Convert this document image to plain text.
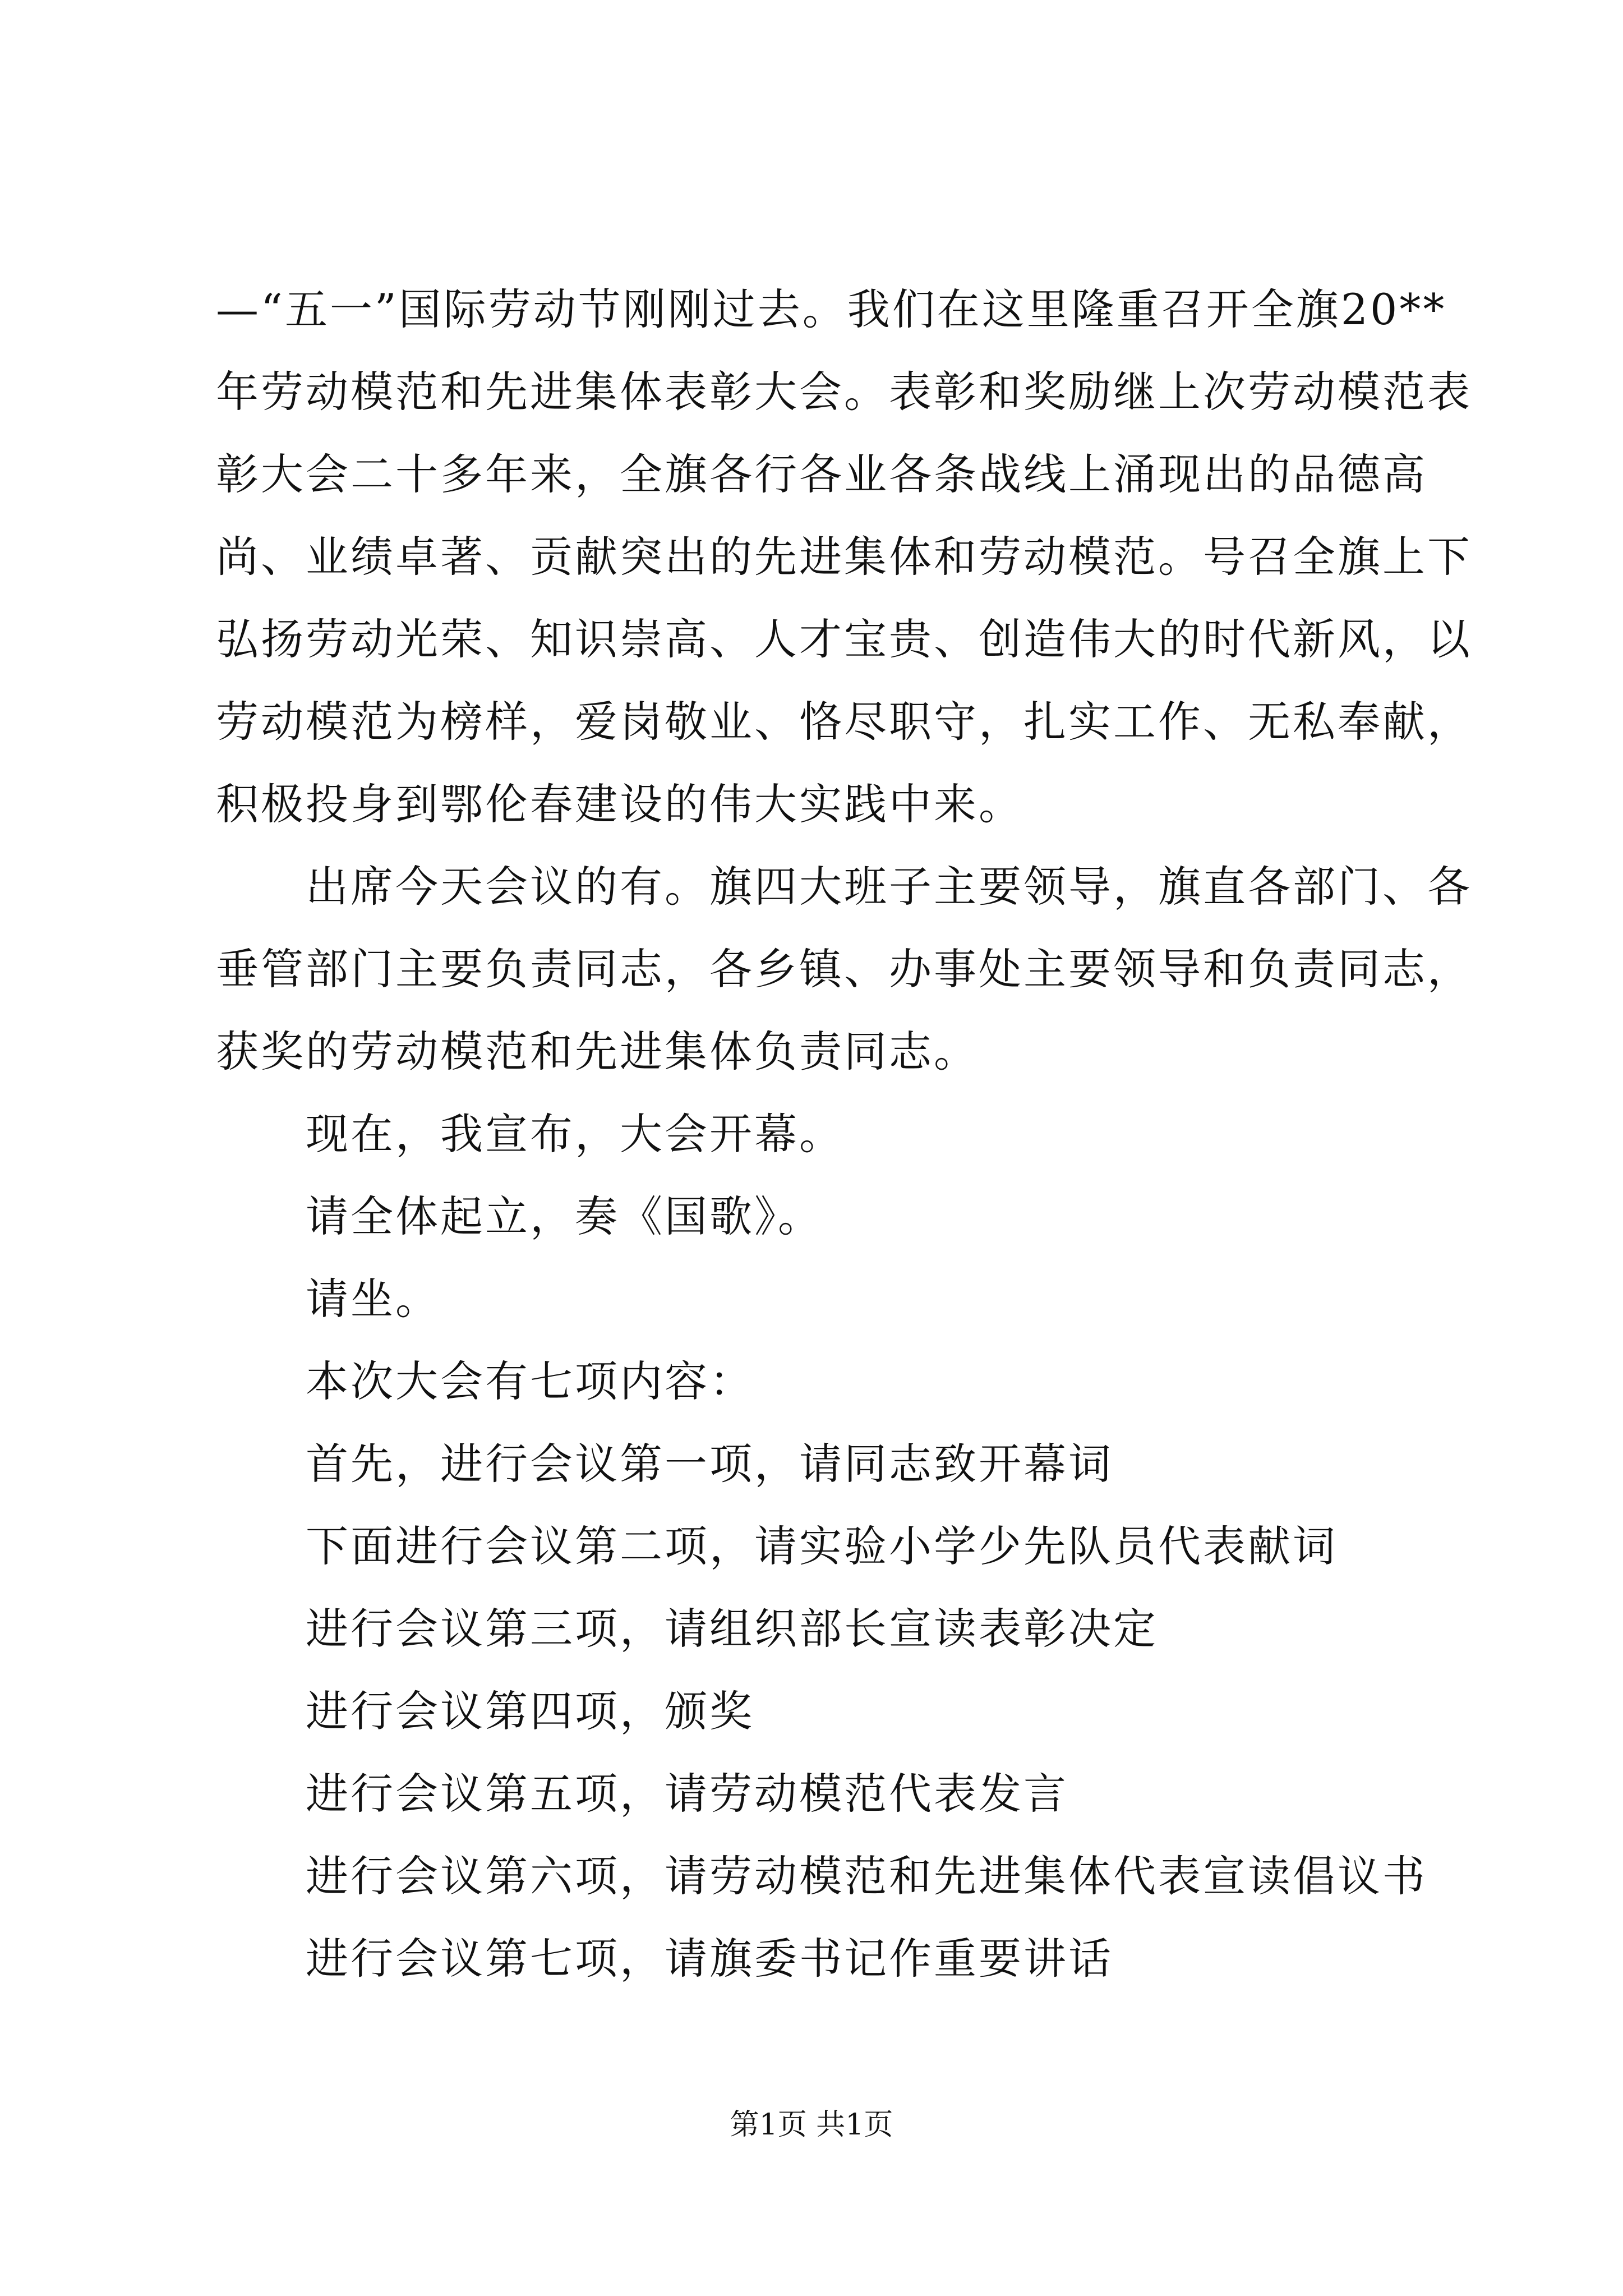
—“五一”国际劳动节刚刚过去。我们在这里隆重召开全旗20**年劳动模范和先进集体表彰大会。表彰和奖励继上次劳动模范表彰大会二十多年来，全旗各行各业各条战线上涌现出的品德高尚、业绩卓著、贡献突出的先进集体和劳动模范。号召全旗上下弘扬劳动光荣、知识崇高、人才宝贵、创造伟大的时代新风，以劳动模范为榜样，爱岗敬业、恪尽职守，扎实工作、无私奉献，积极投身到鄂伦春建设的伟大实践中来。

出席今天会议的有。旗四大班子主要领导，旗直各部门、各垂管部门主要负责同志，各乡镇、办事处主要领导和负责同志，获奖的劳动模范和先进集体负责同志。

现在，我宣布，大会开幕。

请全体起立，奏《国歌》。

请坐。

本次大会有七项内容：

首先，进行会议第一项，请同志致开幕词

下面进行会议第二项，请实验小学少先队员代表献词

进行会议第三项，请组织部长宣读表彰决定

进行会议第四项，颁奖

进行会议第五项，请劳动模范代表发言

进行会议第六项，请劳动模范和先进集体代表宣读倡议书

进行会议第七项，请旗委书记作重要讲话

第1页 共1页
